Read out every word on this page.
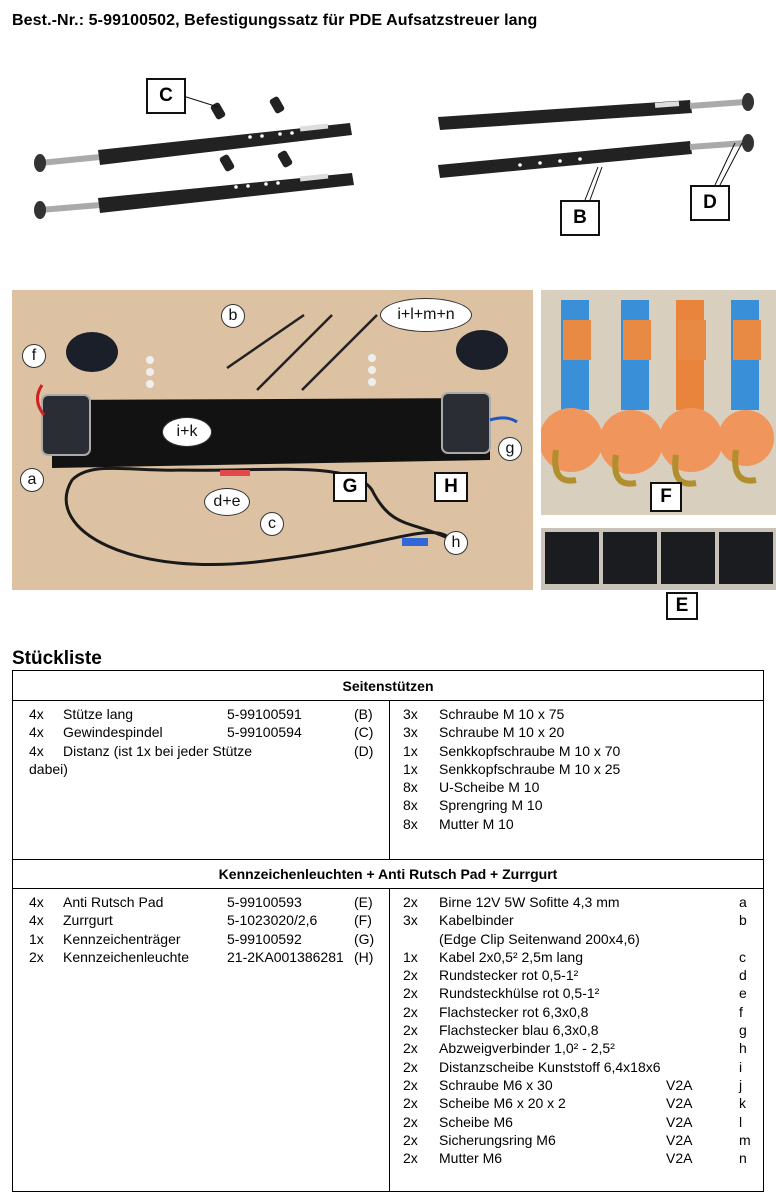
Best.-Nr.: 5-99100502, Befestigungssatz für PDE Aufsatzstreuer lang
C
B
D
b	i+l+m+n
f
i+k
a
g
G	H
d+e
c
h
F
E
Stückliste
Seitenstützen
4x Stütze lang	5-99100591	(B)
4x Gewindespindel	5-99100594	(C)
4x Distanz (ist 1x bei jeder Stütze	(D)
dabei)
3x Schraube M 10 x 75
3x Schraube M 10 x 20
1x Senkkopfschraube M 10 x 70
1x Senkkopfschraube M 10 x 25
8x U-Scheibe M 10
8x Sprengring M 10
8x Mutter M 10
Kennzeichenleuchten + Anti Rutsch Pad + Zurrgurt
4x Anti Rutsch Pad	5-99100593	(E)
4x Zurrgurt	5-1023020/2,6	(F)
1x Kennzeichenträger	5-99100592	(G)
2x Kennzeichenleuchte	21-2KA001386281 (H)
2x Birne 12V 5W Sofitte 4,3 mm	a
3x Kabelbinder	b
(Edge Clip Seitenwand 200x4,6)
1x Kabel 2x0,5² 2,5m lang	c
2x Rundstecker rot 0,5-1²	d
2x Rundsteckhülse rot 0,5-1²	e
2x Flachstecker rot 6,3x0,8	f
2x Flachstecker blau 6,3x0,8	g
2x Abzweigverbinder 1,0² - 2,5²	h
2x Distanzscheibe Kunststoff 6,4x18x6	i
2x Schraube M6 x 30	V2A	j
2x Scheibe M6 x 20 x 2	V2A	k
2x Scheibe M6	V2A	l
2x Sicherungsring M6	V2A	m
2x Mutter M6	V2A	n
